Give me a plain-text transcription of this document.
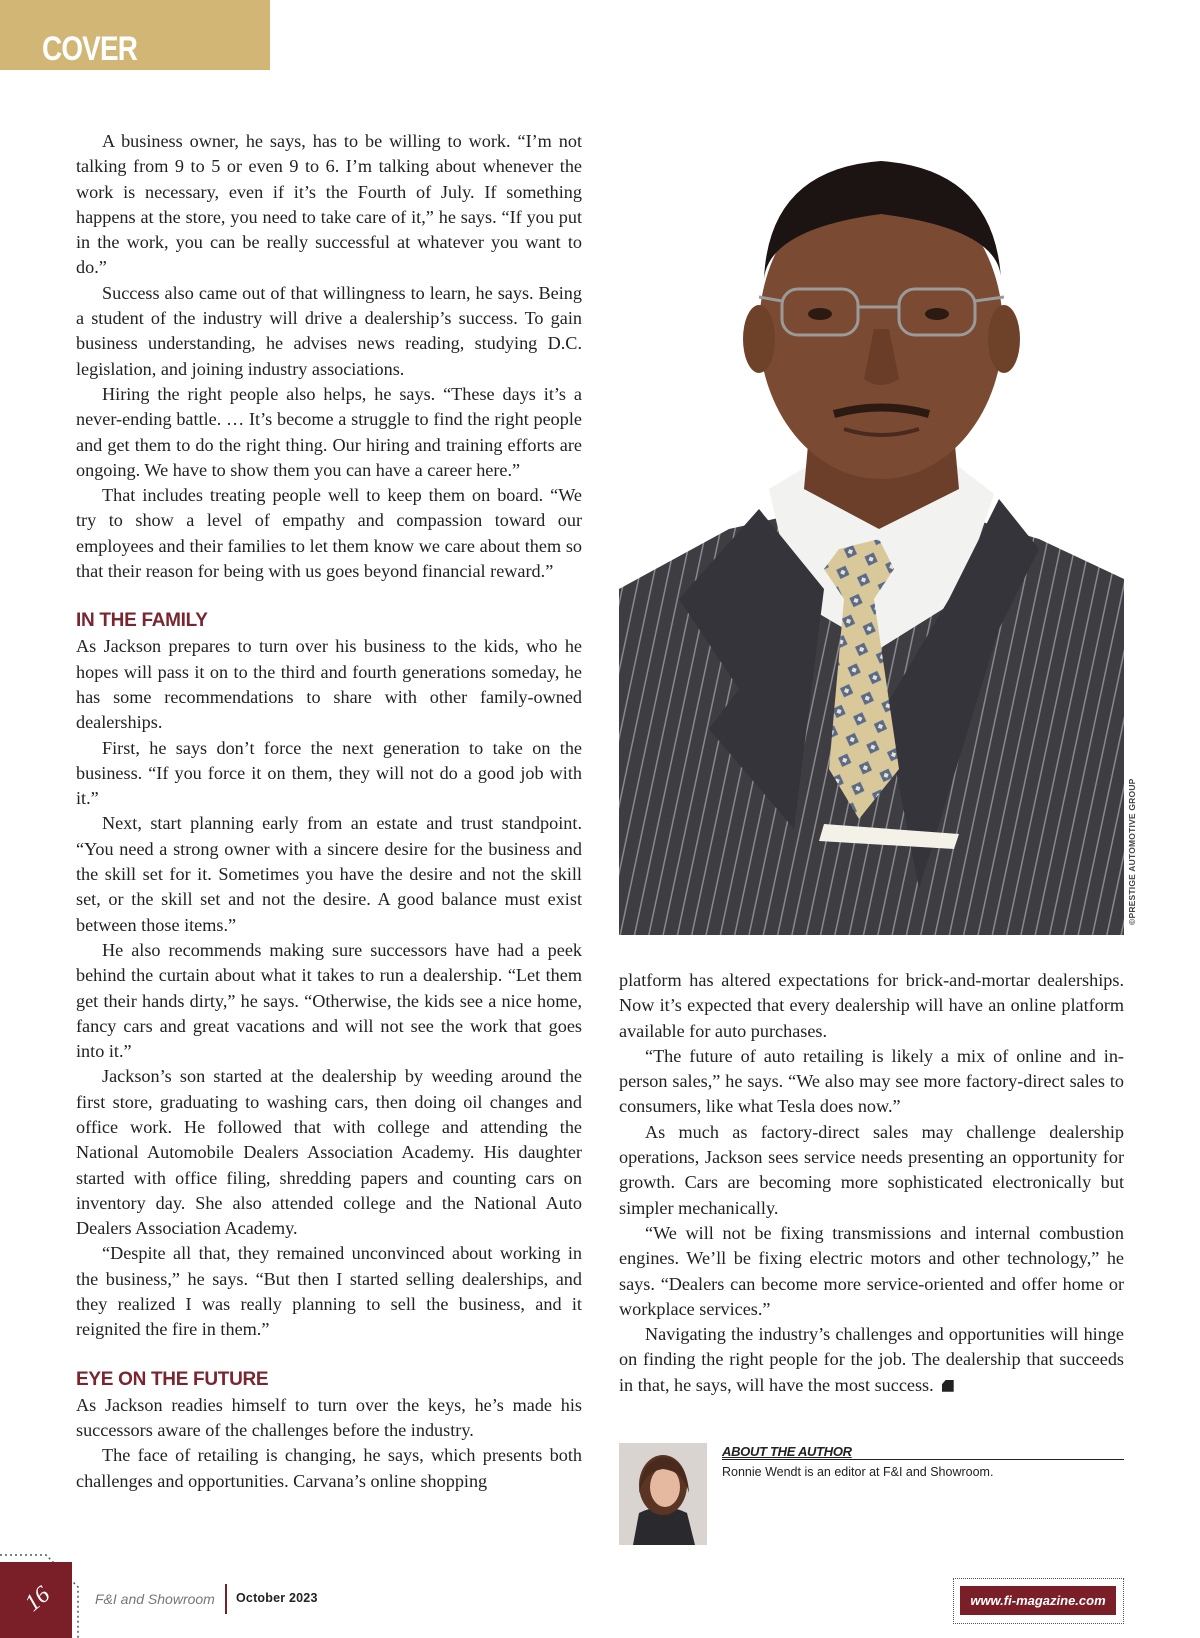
COVER STORY

A business owner, he says, has to be willing to work. “I’m not talking from 9 to 5 or even 9 to 6. I’m talking about whenever the work is necessary, even if it’s the Fourth of July. If something happens at the store, you need to take care of it,” he says. “If you put in the work, you can be really successful at whatever you want to do.”

Success also came out of that willingness to learn, he says. Being a student of the industry will drive a dealership’s success. To gain business understanding, he advises news reading, studying D.C. legislation, and joining industry associations.

Hiring the right people also helps, he says. “These days it’s a never-ending battle. … It’s become a struggle to find the right people and get them to do the right thing. Our hiring and training efforts are ongoing. We have to show them you can have a career here.”

That includes treating people well to keep them on board. “We try to show a level of empathy and compassion toward our employees and their families to let them know we care about them so that their reason for being with us goes beyond financial reward.”

IN THE FAMILY

As Jackson prepares to turn over his business to the kids, who he hopes will pass it on to the third and fourth generations someday, he has some recommendations to share with other family-owned dealerships.

First, he says don’t force the next generation to take on the business. “If you force it on them, they will not do a good job with it.”

Next, start planning early from an estate and trust standpoint. “You need a strong owner with a sincere desire for the business and the skill set for it. Sometimes you have the desire and not the skill set, or the skill set and not the desire. A good balance must exist between those items.”

He also recommends making sure successors have had a peek behind the curtain about what it takes to run a dealership. “Let them get their hands dirty,” he says. “Otherwise, the kids see a nice home, fancy cars and great vacations and will not see the work that goes into it.”

Jackson’s son started at the dealership by weeding around the first store, graduating to washing cars, then doing oil changes and office work. He followed that with college and attending the National Automobile Dealers Association Academy. His daughter started with office filing, shredding papers and counting cars on inventory day. She also attended college and the National Auto Dealers Association Academy.

“Despite all that, they remained unconvinced about working in the business,” he says. “But then I started selling dealerships, and they realized I was really planning to sell the business, and it reignited the fire in them.”

EYE ON THE FUTURE

As Jackson readies himself to turn over the keys, he’s made his successors aware of the challenges before the industry.

The face of retailing is changing, he says, which presents both challenges and opportunities. Carvana’s online shopping

©PRESTIGE AUTOMOTIVE GROUP

platform has altered expectations for brick-and-mortar dealerships. Now it’s expected that every dealership will have an online platform available for auto purchases.

“The future of auto retailing is likely a mix of online and in-person sales,” he says. “We also may see more factory-direct sales to consumers, like what Tesla does now.”

As much as factory-direct sales may challenge dealership operations, Jackson sees service needs presenting an opportunity for growth. Cars are becoming more sophisticated electronically but simpler mechanically.

“We will not be fixing transmissions and internal combustion engines. We’ll be fixing electric motors and other technology,” he says. “Dealers can become more service-oriented and offer home or workplace services.”

Navigating the industry’s challenges and opportunities will hinge on finding the right people for the job. The dealership that succeeds in that, he says, will have the most success.

ABOUT THE AUTHOR
Ronnie Wendt is an editor at F&I and Showroom.
16	F&I and Showroom October 2023	www.fi-magazine.com
